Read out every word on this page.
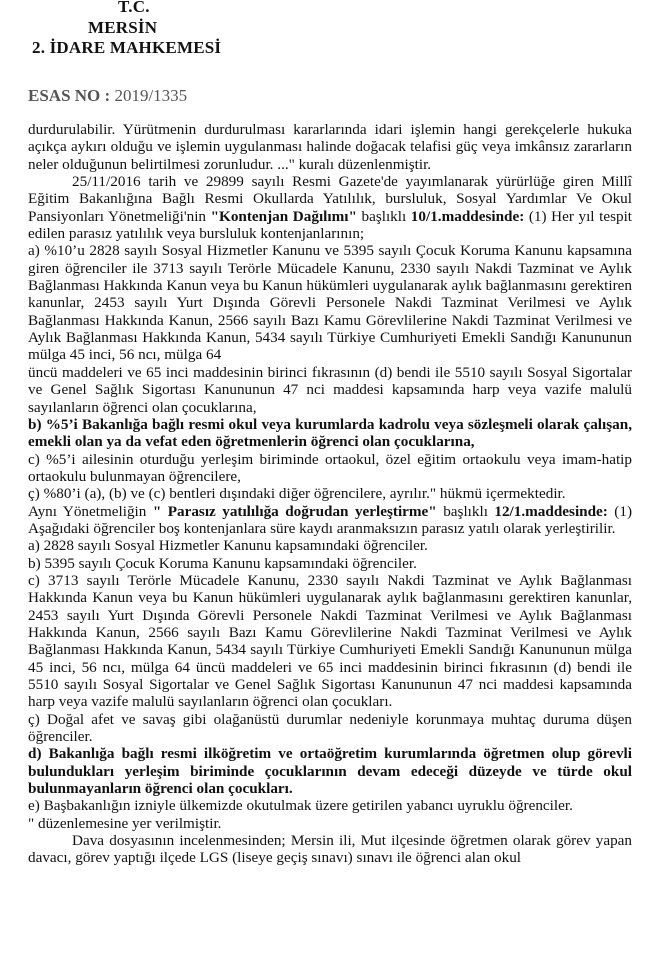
T.C.
MERSİN
2. İDARE MAHKEMESİ
ESAS NO : 2019/1335

durdurulabilir. Yürütmenin durdurulması kararlarında idari işlemin hangi gerekçelerle hukuka açıkça aykırı olduğu ve işlemin uygulanması halinde doğacak telafisi güç veya imkânsız zararların neler olduğunun belirtilmesi zorunludur. ..." kuralı düzenlenmiştir.

25/11/2016 tarih ve 29899 sayılı Resmi Gazete'de yayımlanarak yürürlüğe giren Millî Eğitim Bakanlığına Bağlı Resmi Okullarda Yatılılık, bursluluk, Sosyal Yardımlar Ve Okul Pansiyonları Yönetmeliği'nin "Kontenjan Dağılımı" başlıklı 10/1.maddesinde: (1) Her yıl tespit edilen parasız yatılılık veya bursluluk kontenjanlarının;

a) %10’u 2828 sayılı Sosyal Hizmetler Kanunu ve 5395 sayılı Çocuk Koruma Kanunu kapsamına giren öğrenciler ile 3713 sayılı Terörle Mücadele Kanunu, 2330 sayılı Nakdi Tazminat ve Aylık Bağlanması Hakkında Kanun veya bu Kanun hükümleri uygulanarak aylık bağlanmasını gerektiren kanunlar, 2453 sayılı Yurt Dışında Görevli Personele Nakdi Tazminat Verilmesi ve Aylık Bağlanması Hakkında Kanun, 2566 sayılı Bazı Kamu Görevlilerine Nakdi Tazminat Verilmesi ve Aylık Bağlanması Hakkında Kanun, 5434 sayılı Türkiye Cumhuriyeti Emekli Sandığı Kanununun mülga 45 inci, 56 ncı, mülga 64

üncü maddeleri ve 65 inci maddesinin birinci fıkrasının (d) bendi ile 5510 sayılı Sosyal Sigortalar ve Genel Sağlık Sigortası Kanununun 47 nci maddesi kapsamında harp veya vazife malulü sayılanların öğrenci olan çocuklarına,

b) %5’i Bakanlığa bağlı resmi okul veya kurumlarda kadrolu veya sözleşmeli olarak çalışan, emekli olan ya da vefat eden öğretmenlerin öğrenci olan çocuklarına,

c) %5’i ailesinin oturduğu yerleşim biriminde ortaokul, özel eğitim ortaokulu veya imam-hatip ortaokulu bulunmayan öğrencilere,

ç) %80’i (a), (b) ve (c) bentleri dışındaki diğer öğrencilere, ayrılır." hükmü içermektedir.

Aynı Yönetmeliğin " Parasız yatılılığa doğrudan yerleştirme" başlıklı 12/1.maddesinde: (1) Aşağıdaki öğrenciler boş kontenjanlara süre kaydı aranmaksızın parasız yatılı olarak yerleştirilir.

a) 2828 sayılı Sosyal Hizmetler Kanunu kapsamındaki öğrenciler.

b) 5395 sayılı Çocuk Koruma Kanunu kapsamındaki öğrenciler.

c) 3713 sayılı Terörle Mücadele Kanunu, 2330 sayılı Nakdi Tazminat ve Aylık Bağlanması Hakkında Kanun veya bu Kanun hükümleri uygulanarak aylık bağlanmasını gerektiren kanunlar, 2453 sayılı Yurt Dışında Görevli Personele Nakdi Tazminat Verilmesi ve Aylık Bağlanması Hakkında Kanun, 2566 sayılı Bazı Kamu Görevlilerine Nakdi Tazminat Verilmesi ve Aylık Bağlanması Hakkında Kanun, 5434 sayılı Türkiye Cumhuriyeti Emekli Sandığı Kanununun mülga 45 inci, 56 ncı, mülga 64 üncü maddeleri ve 65 inci maddesinin birinci fıkrasının (d) bendi ile 5510 sayılı Sosyal Sigortalar ve Genel Sağlık Sigortası Kanununun 47 nci maddesi kapsamında harp veya vazife malulü sayılanların öğrenci olan çocukları.

ç) Doğal afet ve savaş gibi olağanüstü durumlar nedeniyle korunmaya muhtaç duruma düşen öğrenciler.

d) Bakanlığa bağlı resmi ilköğretim ve ortaöğretim kurumlarında öğretmen olup görevli bulundukları yerleşim biriminde çocuklarının devam edeceği düzeyde ve türde okul bulunmayanların öğrenci olan çocukları.

e) Başbakanlığın izniyle ülkemizde okutulmak üzere getirilen yabancı uyruklu öğrenciler.

" düzenlemesine yer verilmiştir.

Dava dosyasının incelenmesinden; Mersin ili, Mut ilçesinde öğretmen olarak görev yapan davacı, görev yaptığı ilçede LGS (liseye geçiş sınavı) sınavı ile öğrenci alan okul
